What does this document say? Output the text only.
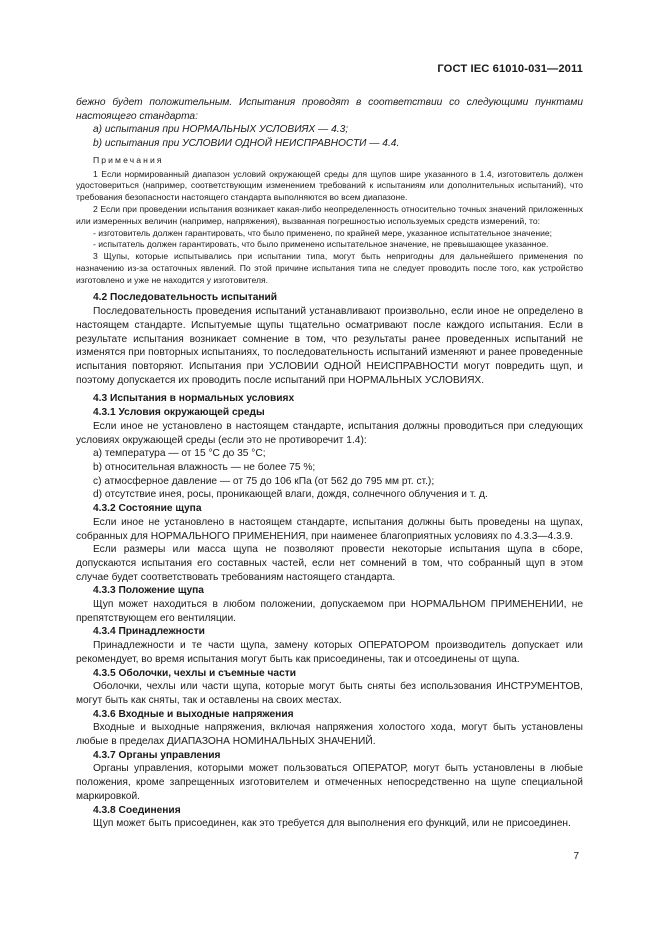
ГОСТ IEC 61010-031—2011

бежно будет положительным. Испытания проводят в соответствии со следующими пунктами настоящего стандарта:

a) испытания при НОРМАЛЬНЫХ УСЛОВИЯХ — 4.3;

b) испытания при УСЛОВИИ ОДНОЙ НЕИСПРАВНОСТИ — 4.4.

Примечания

1 Если нормированный диапазон условий окружающей среды для щупов шире указанного в 1.4, изготовитель должен удостовериться (например, соответствующим изменением требований к испытаниям или дополнительных испытаний), что требования безопасности настоящего стандарта выполняются во всем диапазоне.

2 Если при проведении испытания возникает какая-либо неопределенность относительно точных значений приложенных или измеренных величин (например, напряжения), вызванная погрешностью используемых средств измерений, то:

- изготовитель должен гарантировать, что было применено, по крайней мере, указанное испытательное значение;

- испытатель должен гарантировать, что было применено испытательное значение, не превышающее указанное.

3 Щупы, которые испытывались при испытании типа, могут быть непригодны для дальнейшего применения по назначению из-за остаточных явлений. По этой причине испытания типа не следует проводить после того, как устройство изготовлено и уже не находится у изготовителя.

4.2 Последовательность испытаний

Последовательность проведения испытаний устанавливают произвольно, если иное не определено в настоящем стандарте. Испытуемые щупы тщательно осматривают после каждого испытания. Если в результате испытания возникает сомнение в том, что результаты ранее проведенных испытаний не изменятся при повторных испытаниях, то последовательность испытаний изменяют и ранее проведенные испытания повторяют. Испытания при УСЛОВИИ ОДНОЙ НЕИСПРАВНОСТИ могут повредить щуп, и поэтому допускается их проводить после испытаний при НОРМАЛЬНЫХ УСЛОВИЯХ.

4.3 Испытания в нормальных условиях

4.3.1 Условия окружающей среды

Если иное не установлено в настоящем стандарте, испытания должны проводиться при следующих условиях окружающей среды (если это не противоречит 1.4):

a) температура — от 15 °С до 35 °С;

b) относительная влажность — не более 75 %;

c) атмосферное давление — от 75 до 106 кПа (от 562 до 795 мм рт. ст.);

d) отсутствие инея, росы, проникающей влаги, дождя, солнечного облучения и т. д.

4.3.2 Состояние щупа

Если иное не установлено в настоящем стандарте, испытания должны быть проведены на щупах, собранных для НОРМАЛЬНОГО ПРИМЕНЕНИЯ, при наименее благоприятных условиях по 4.3.3—4.3.9.

Если размеры или масса щупа не позволяют провести некоторые испытания щупа в сборе, допускаются испытания его составных частей, если нет сомнений в том, что собранный щуп в этом случае будет соответствовать требованиям настоящего стандарта.

4.3.3 Положение щупа

Щуп может находиться в любом положении, допускаемом при НОРМАЛЬНОМ ПРИМЕНЕНИИ, не препятствующем его вентиляции.

4.3.4 Принадлежности

Принадлежности и те части щупа, замену которых ОПЕРАТОРОМ производитель допускает или рекомендует, во время испытания могут быть как присоединены, так и отсоединены от щупа.

4.3.5 Оболочки, чехлы и съемные части

Оболочки, чехлы или части щупа, которые могут быть сняты без использования ИНСТРУМЕНТОВ, могут быть как сняты, так и оставлены на своих местах.

4.3.6 Входные и выходные напряжения

Входные и выходные напряжения, включая напряжения холостого хода, могут быть установлены любые в пределах ДИАПАЗОНА НОМИНАЛЬНЫХ ЗНАЧЕНИЙ.

4.3.7 Органы управления

Органы управления, которыми может пользоваться ОПЕРАТОР, могут быть установлены в любые положения, кроме запрещенных изготовителем и отмеченных непосредственно на щупе специальной маркировкой.

4.3.8 Соединения

Щуп может быть присоединен, как это требуется для выполнения его функций, или не присоединен.

7
